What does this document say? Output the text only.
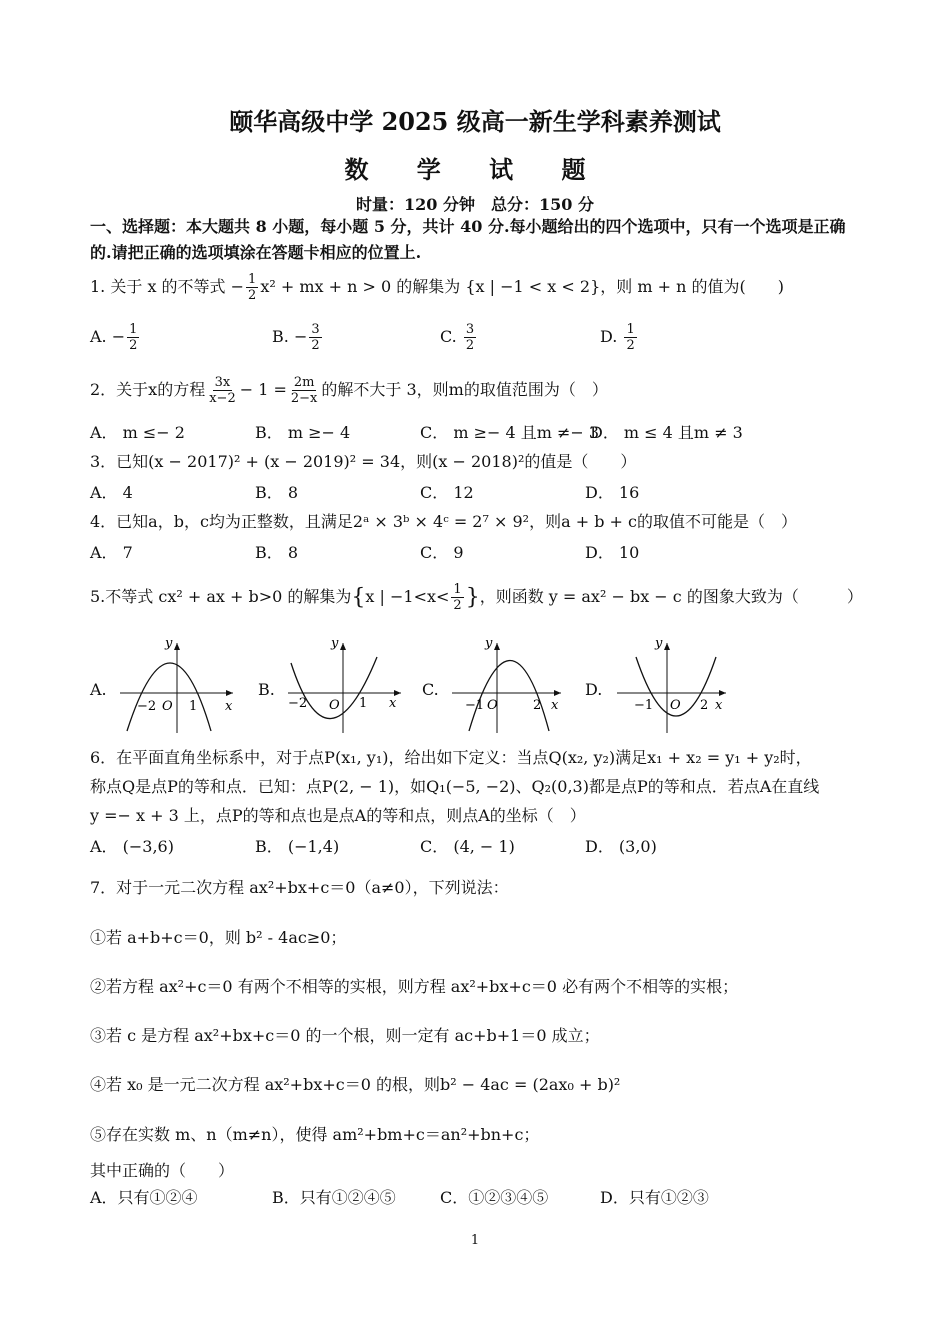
颐华高级中学 2025 级高一新生学科素养测试
数 学 试 题
时量：120 分钟　总分：150 分
一、选择题：本大题共 8 小题，每小题 5 分，共计 40 分.每小题给出的四个选项中，只有一个选项是正确的.请把正确的选项填涂在答题卡相应的位置上.
1. 关于 x 的不等式 − $\frac{1}{2} x^2$ + mx + n > 0 的解集为 {x | −1 < x < 2}，则 m + n 的值为(　　)
A. − $\frac{1}{2}$	B. − $\frac{3}{2}$	C. $\frac{3}{2}$	D. $\frac{1}{2}$
2．关于x的方程 $\frac{3x}{x-2} - 1 = \frac{2m}{2-x}$ 的解不大于 3，则m的取值范围为（　）
A． m ≤− 2	B． m ≥− 4	C． m ≥− 4 且m ≠− 3
D． m ≤ 4 且m ≠ 3
3．已知(x − 2017)² + (x − 2019)² = 34，则(x − 2018)²的值是（　　）
A． 4	B． 8	C． 12	D． 16
4．已知a，b，c均为正整数，且满足2ᵃ × 3ᵇ × 4ᶜ = 2⁷ × 9²，则a + b + c的取值不可能是（　）
A． 7	B． 8	C． 9	D． 10
5.不等式 cx² + ax + b>0 的解集为{x | $-1<x< \frac{1}{2}$ }，则函数 y = ax² − bx − c 的图象大致为（　　　）
A.	B.	C.	D.
−2 O 1 x
y
−2 O 1 x
y
−1 O	2 x
y
−1 O 2 x
y
6．在平面直角坐标系中，对于点P(x₁, y₁)，给出如下定义：当点Q(x₂, y₂)满足x₁ + x₂ = y₁ + y₂时，
称点Q是点P的等和点．已知：点P(2, − 1)，如Q₁(−5, −2)、Q₂(0,3)都是点P的等和点．若点A在直线
y =− x + 3 上，点P的等和点也是点A的等和点，则点A的坐标（　）
A． (−3,6)	B． (−1,4)	C． (4, − 1)	D． (3,0)
7．对于一元二次方程 ax²+bx+c＝0（a≠0），下列说法：
①若 a+b+c＝0，则 b² - 4ac≥0；
②若方程 ax²+c＝0 有两个不相等的实根，则方程 ax²+bx+c＝0 必有两个不相等的实根；
③若 c 是方程 ax²+bx+c＝0 的一个根，则一定有 ac+b+1＝0 成立；
④若 x₀ 是一元二次方程 ax²+bx+c＝0 的根，则b² − 4ac = (2ax₀ + b)²
⑤存在实数 m、n（m≠n），使得 am²+bm+c＝an²+bn+c；
其中正确的（　　）
A．只有①②④	B．只有①②④⑤	C．①②③④⑤	D．只有①②③
1
